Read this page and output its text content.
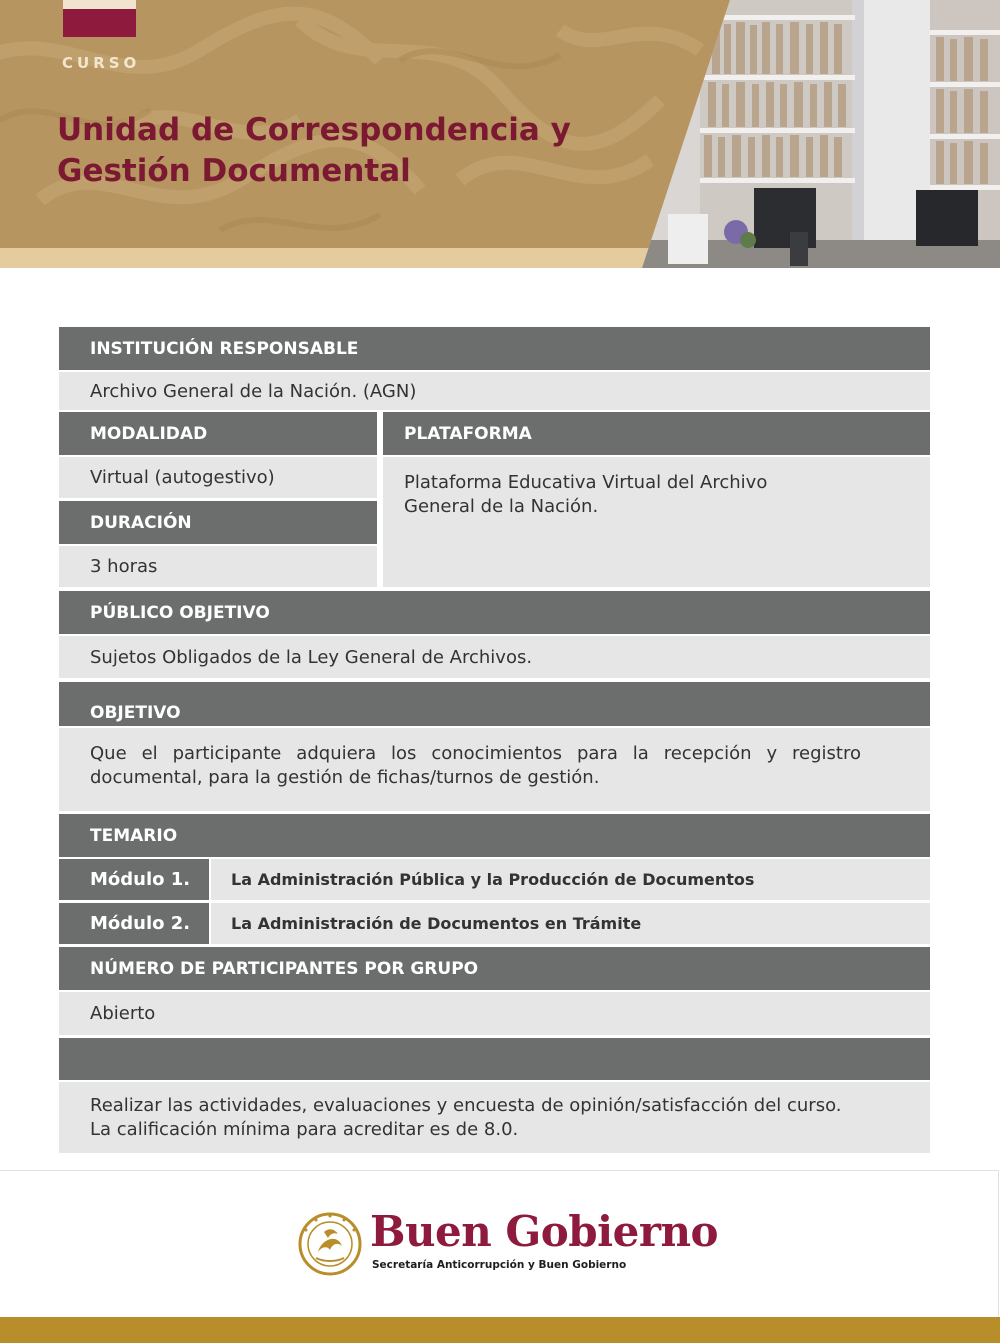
CURSO
Unidad de Correspondencia y
Gestión Documental
INSTITUCIÓN RESPONSABLE
Archivo General de la Nación. (AGN)
MODALIDAD
Virtual (autogestivo)
DURACIÓN
3 horas
PLATAFORMA
Plataforma Educativa Virtual del Archivo
General de la Nación.
PÚBLICO OBJETIVO
Sujetos Obligados de la Ley General de Archivos.
OBJETIVO
Que el participante adquiera los conocimientos para la recepción y registro documental, para la gestión de fichas/turnos de gestión.
TEMARIO
Módulo 1.	La Administración Pública y la Producción de Documentos
Módulo 2.	La Administración de Documentos en Trámite
NÚMERO DE PARTICIPANTES POR GRUPO
Abierto
Realizar las actividades, evaluaciones y encuesta de opinión/satisfacción del curso.
La calificación mínima para acreditar es de 8.0.
Buen Gobierno
Secretaría Anticorrupción y Buen Gobierno
